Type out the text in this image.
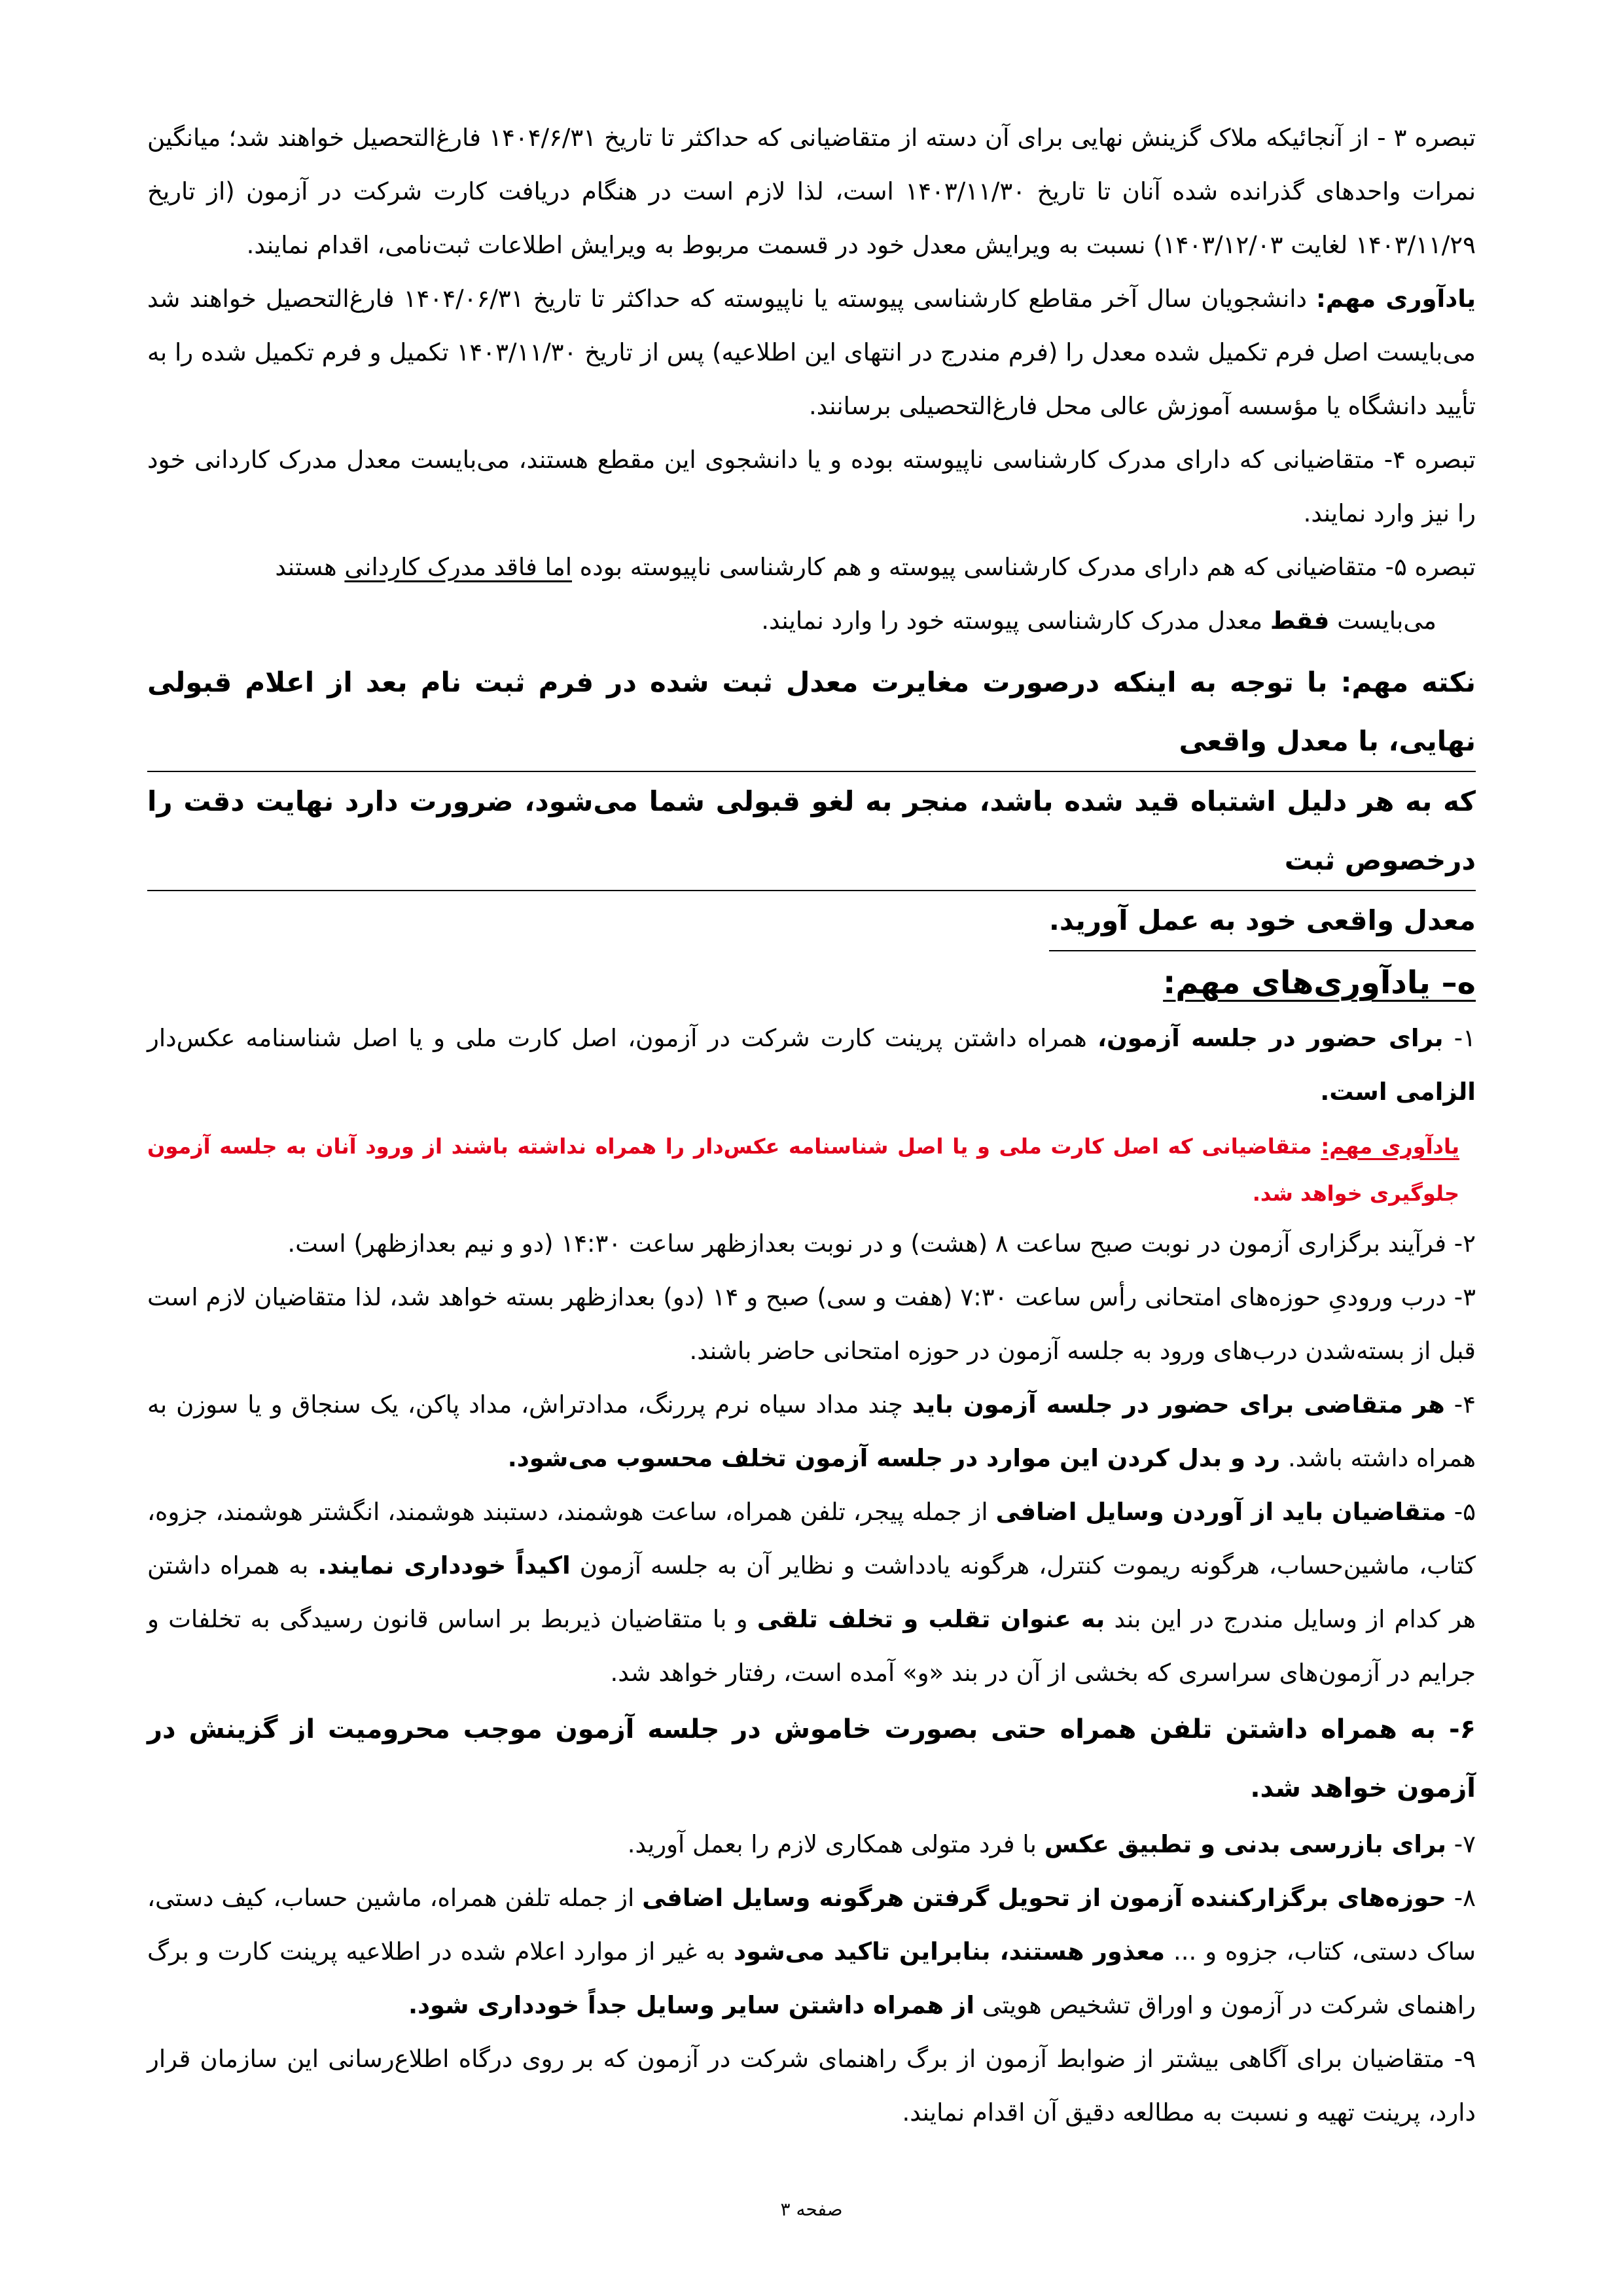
تبصره ۳ - از آنجائیکه ملاک گزینش نهایی برای آن دسته از متقاضیانی که حداکثر تا تاریخ ۱۴۰۴/۶/۳۱ فارغ‌التحصیل خواهند شد؛ میانگین نمرات واحدهای گذرانده شده آنان تا تاریخ ۱۴۰۳/۱۱/۳۰ است، لذا لازم است در هنگام دریافت کارت شرکت در آزمون (از تاریخ ۱۴۰۳/۱۱/۲۹ لغایت ۱۴۰۳/۱۲/۰۳) نسبت به ویرایش معدل خود در قسمت مربوط به ویرایش اطلاعات ثبت‌نامی، اقدام نمایند.

یادآوری مهم: دانشجویان سال آخر مقاطع کارشناسی پیوسته یا ناپیوسته که حداکثر تا تاریخ ۱۴۰۴/۰۶/۳۱ فارغ‌التحصیل خواهند شد می‌بایست اصل فرم تکمیل شده معدل را (فرم مندرج در انتهای این اطلاعیه) پس از تاریخ ۱۴۰۳/۱۱/۳۰ تکمیل و فرم تکمیل شده را به تأیید دانشگاه یا مؤسسه آموزش عالی محل فارغ‌التحصیلی برسانند.

تبصره ۴- متقاضیانی که دارای مدرک کارشناسی ناپیوسته بوده و یا دانشجوی این مقطع هستند، می‌بایست معدل مدرک کاردانی خود را نیز وارد نمایند.

تبصره ۵- متقاضیانی که هم دارای مدرک کارشناسی پیوسته و هم کارشناسی ناپیوسته بوده اما فاقد مدرک کاردانی هستند
می‌بایست فقط معدل مدرک کارشناسی پیوسته خود را وارد نمایند.

نکته مهم: با توجه به اینکه درصورت مغایرت معدل ثبت شده در فرم ثبت نام بعد از اعلام قبولی نهایی، با معدل واقعی
که به هر دلیل اشتباه قید شده باشد، منجر به لغو قبولی شما می‌شود، ضرورت دارد نهایت دقت را درخصوص ثبت
معدل واقعی خود به عمل آورید.

ه– یادآوری‌های مهم:

۱- برای حضور در جلسه آزمون، همراه داشتن پرینت کارت شرکت در آزمون، اصل کارت ملی و یا اصل شناسنامه عکس‌دار الزامی است.

یادآوری مهم: متقاضیانی که اصل کارت ملی و یا اصل شناسنامه عکس‌دار را همراه نداشته باشند از ورود آنان به جلسه آزمون جلوگیری خواهد شد.

۲- فرآیند برگزاری آزمون در نوبت صبح ساعت ۸ (هشت) و در نوبت بعدازظهر ساعت ۱۴:۳۰ (دو و نیم بعدازظهر) است.

۳- درب ورودیِ حوزه‌های امتحانی رأس ساعت ۷:۳۰ (هفت و سی) صبح و ۱۴ (دو) بعدازظهر بسته خواهد شد، لذا متقاضیان لازم است قبل از بسته‌شدن درب‌های ورود به جلسه آزمون در حوزه امتحانی حاضر باشند.

۴- هر متقاضی برای حضور در جلسه آزمون باید چند مداد سیاه نرم پررنگ، مدادتراش، مداد پاکن، یک سنجاق و یا سوزن به همراه داشته باشد. رد و بدل کردن این موارد در جلسه آزمون تخلف محسوب می‌شود.

۵- متقاضیان باید از آوردن وسایل اضافی از جمله پیجر، تلفن همراه، ساعت هوشمند، دستبند هوشمند، انگشتر هوشمند، جزوه، کتاب، ماشین‌حساب، هرگونه ریموت کنترل، هرگونه یادداشت و نظایر آن به جلسه آزمون اکیداً خودداری نمایند. به همراه داشتن هر کدام از وسایل مندرج در این بند به عنوان تقلب و تخلف تلقی و با متقاضیان ذیربط بر اساس قانون رسیدگی به تخلفات و جرایم در آزمون‌های سراسری که بخشی از آن در بند «و» آمده است، رفتار خواهد شد.

۶- به همراه داشتن تلفن همراه حتی بصورت خاموش در جلسه آزمون موجب محرومیت از گزینش در آزمون خواهد شد.

۷- برای بازرسی بدنی و تطبیق عکس با فرد متولی همکاری لازم را بعمل آورید.

۸- حوزه‌های برگزارکننده آزمون از تحویل گرفتن هرگونه وسایل اضافی از جمله تلفن همراه، ماشین حساب، کیف دستی، ساک دستی، کتاب، جزوه و ... معذور هستند، بنابراین تاکید می‌شود به غیر از موارد اعلام شده در اطلاعیه پرینت کارت و برگ راهنمای شرکت در آزمون و اوراق تشخیص هویتی از همراه داشتن سایر وسایل جداً خودداری شود.

۹- متقاضیان برای آگاهی بیشتر از ضوابط آزمون از برگ راهنمای شرکت در آزمون که بر روی درگاه اطلاع‌رسانی این سازمان قرار دارد، پرینت تهیه و نسبت به مطالعه دقیق آن اقدام نمایند.

صفحه ۳
